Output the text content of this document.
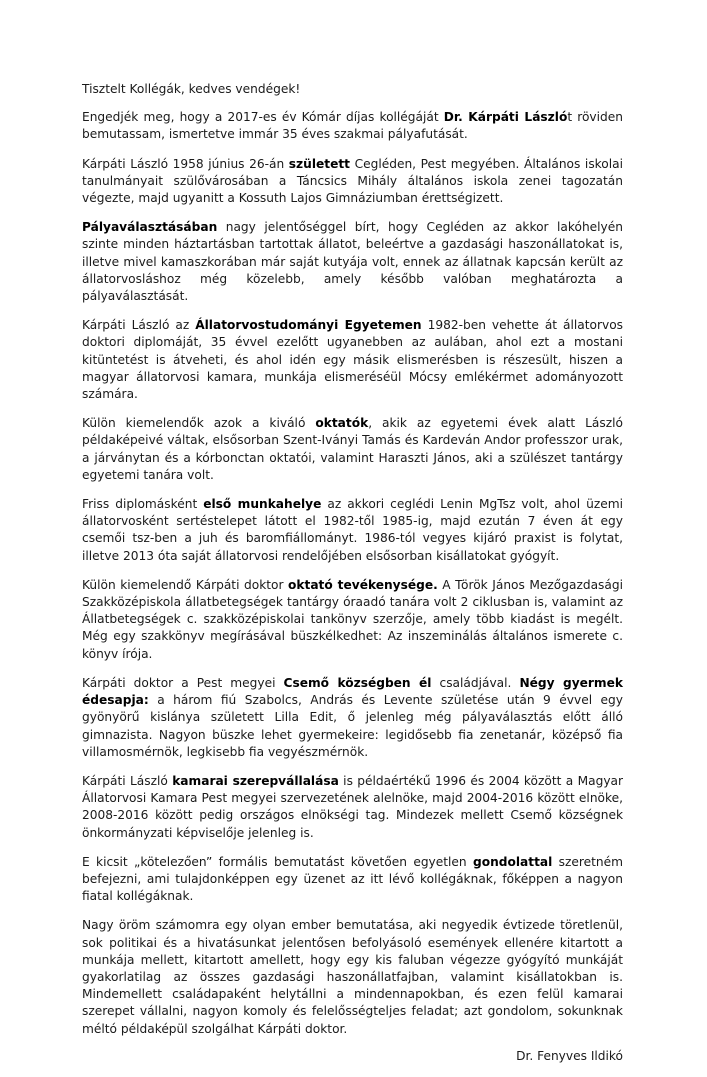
Tisztelt Kollégák, kedves vendégek!

Engedjék meg, hogy a 2017-es év Kómár díjas kollégáját Dr. Kárpáti Lászlót röviden bemutassam, ismertetve immár 35 éves szakmai pályafutását.

Kárpáti László 1958 június 26-án született Cegléden, Pest megyében. Általános iskolai tanulmányait szülővárosában a Táncsics Mihály általános iskola zenei tagozatán végezte, majd ugyanitt a Kossuth Lajos Gimnáziumban érettségizett.

Pályaválasztásában nagy jelentőséggel bírt, hogy Cegléden az akkor lakóhelyén szinte minden háztartásban tartottak állatot, beleértve a gazdasági haszonállatokat is, illetve mivel kamaszkorában már saját kutyája volt, ennek az állatnak kapcsán került az állatorvosláshoz még közelebb, amely később valóban meghatározta a pályaválasztását.

Kárpáti László az Állatorvostudományi Egyetemen 1982-ben vehette át állatorvos doktori diplomáját, 35 évvel ezelőtt ugyanebben az aulában, ahol ezt a mostani kitüntetést is átveheti, és ahol idén egy másik elismerésben is részesült, hiszen a magyar állatorvosi kamara, munkája elismeréséül Mócsy emlékérmet adományozott számára.

Külön kiemelendők azok a kiváló oktatók, akik az egyetemi évek alatt László példaképeivé váltak, elsősorban Szent-Iványi Tamás és Kardeván Andor professzor urak, a járványtan és a kórbonctan oktatói, valamint Haraszti János, aki a szülészet tantárgy egyetemi tanára volt.

Friss diplomásként első munkahelye az akkori ceglédi Lenin MgTsz volt, ahol üzemi állatorvosként sertéstelepet látott el 1982-től 1985-ig, majd ezután 7 éven át egy csemői tsz-ben a juh és baromfiállományt. 1986-tól vegyes kijáró praxist is folytat, illetve 2013 óta saját állatorvosi rendelőjében elsősorban kisállatokat gyógyít.

Külön kiemelendő Kárpáti doktor oktató tevékenysége. A Török János Mezőgazdasági Szakközépiskola állatbetegségek tantárgy óraadó tanára volt 2 ciklusban is, valamint az Állatbetegségek c. szakközépiskolai tankönyv szerzője, amely több kiadást is megélt. Még egy szakkönyv megírásával büszkélkedhet: Az inszeminálás általános ismerete c. könyv írója.

Kárpáti doktor a Pest megyei Csemő községben él családjával. Négy gyermek édesapja: a három fiú Szabolcs, András és Levente születése után 9 évvel egy gyönyörű kislánya született Lilla Edit, ő jelenleg még pályaválasztás előtt álló gimnazista. Nagyon büszke lehet gyermekeire: legidősebb fia zenetanár, középső fia villamosmérnök, legkisebb fia vegyészmérnök.

Kárpáti László kamarai szerepvállalása is példaértékű 1996 és 2004 között a Magyar Állatorvosi Kamara Pest megyei szervezetének alelnöke, majd 2004-2016 között elnöke, 2008-2016 között pedig országos elnökségi tag. Mindezek mellett Csemő községnek önkormányzati képviselője jelenleg is.

E kicsit „kötelezően” formális bemutatást követően egyetlen gondolattal szeretném befejezni, ami tulajdonképpen egy üzenet az itt lévő kollégáknak, főképpen a nagyon fiatal kollégáknak.

Nagy öröm számomra egy olyan ember bemutatása, aki negyedik évtizede töretlenül, sok politikai és a hivatásunkat jelentősen befolyásoló események ellenére kitartott a munkája mellett, kitartott amellett, hogy egy kis faluban végezze gyógyító munkáját gyakorlatilag az összes gazdasági haszonállatfajban, valamint kisállatokban is. Mindemellett családapaként helytállni a mindennapokban, és ezen felül kamarai szerepet vállalni, nagyon komoly és felelősségteljes feladat; azt gondolom, sokunknak méltó példaképül szolgálhat Kárpáti doktor.

Dr. Fenyves Ildikó
